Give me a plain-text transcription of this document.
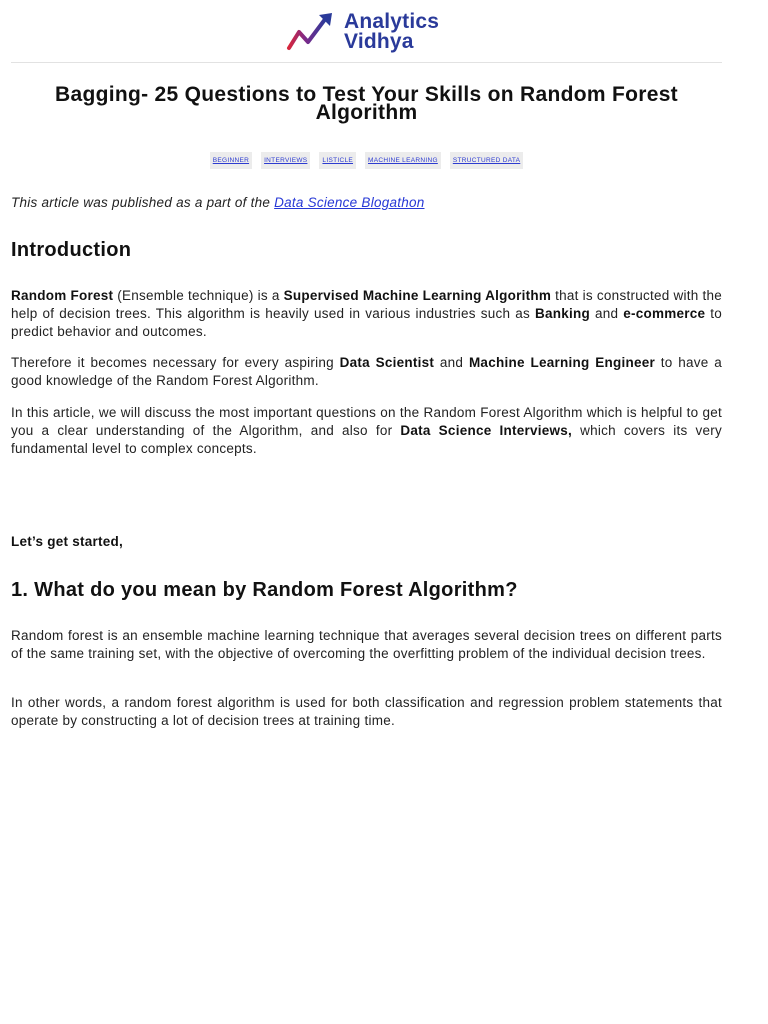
Analytics
Vidhya
Bagging- 25 Questions to Test Your Skills on Random Forest Algorithm
BEGINNER	INTERVIEWS	LISTICLE	MACHINE LEARNING	STRUCTURED DATA

This article was published as a part of the Data Science Blogathon

Introduction

Random Forest (Ensemble technique) is a Supervised Machine Learning Algorithm that is constructed with the help of decision trees. This algorithm is heavily used in various industries such as Banking and e-commerce to predict behavior and outcomes.

Therefore it becomes necessary for every aspiring Data Scientist and Machine Learning Engineer to have a good knowledge of the Random Forest Algorithm.

In this article, we will discuss the most important questions on the Random Forest Algorithm which is helpful to get you a clear understanding of the Algorithm, and also for Data Science Interviews, which covers its very fundamental level to complex concepts.

Let’s get started,

1. What do you mean by Random Forest Algorithm?

Random forest is an ensemble machine learning technique that averages several decision trees on different parts of the same training set, with the objective of overcoming the overfitting problem of the individual decision trees.

In other words, a random forest algorithm is used for both classification and regression problem statements that operate by constructing a lot of decision trees at training time.
